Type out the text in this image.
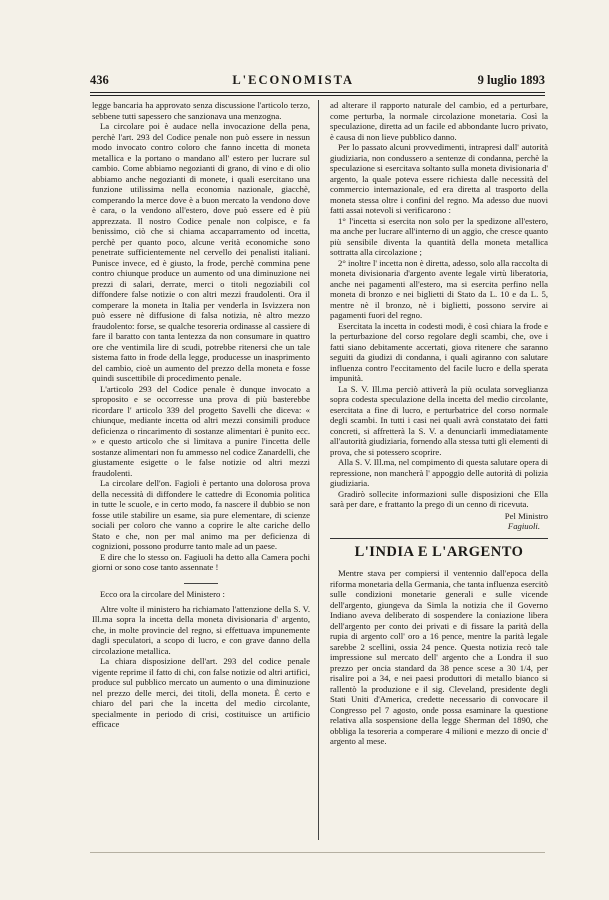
436	L'ECONOMISTA	9 luglio 1893

legge bancaria ha approvato senza discussione l'articolo terzo, sebbene tutti sapessero che sanzionava una menzogna.

La circolare poi è audace nella invocazione della pena, perchè l'art. 293 del Codice penale non può essere in nessun modo invocato contro coloro che fanno incetta di moneta metallica e la portano o mandano all' estero per lucrare sul cambio. Come abbiamo negozianti di grano, di vino e di olio abbiamo anche negozianti di monete, i quali esercitano una funzione utilissima nella economia nazionale, giacchè, comperando la merce dove è a buon mercato la vendono dove è cara, o la vendono all'estero, dove può essere ed è più apprezzata. Il nostro Codice penale non colpisce, e fa benissimo, ciò che si chiama accaparramento od incetta, perchè per quanto poco, alcune verità economiche sono penetrate sufficientemente nel cervello dei penalisti italiani. Punisce invece, ed è giusto, la frode, perchè commina pene contro chiunque produce un aumento od una diminuzione nei prezzi di salari, derrate, merci o titoli negoziabili col diffondere false notizie o con altri mezzi fraudolenti. Ora il comperare la moneta in Italia per venderla in Isvizzera non può essere nè diffusione di falsa notizia, nè altro mezzo fraudolento: forse, se qualche tesoreria ordinasse al cassiere di fare il baratto con tanta lentezza da non consumare in quattro ore che ventimila lire di scudi, potrebbe ritenersi che un tale sistema fatto in frode della legge, producesse un inasprimento del cambio, cioè un aumento del prezzo della moneta e fosse quindi suscettibile di procedimento penale.

L'articolo 293 del Codice penale è dunque invocato a sproposito e se occorresse una prova di più basterebbe ricordare l' articolo 339 del progetto Savelli che diceva: « chiunque, mediante incetta od altri mezzi consimili produce deficienza o rincarimento di sostanze alimentari è punito ecc. » e questo articolo che si limitava a punire l'incetta delle sostanze alimentari non fu ammesso nel codice Zanardelli, che giustamente esigette o le false notizie od altri mezzi fraudolenti.

La circolare dell'on. Fagioli è pertanto una dolorosa prova della necessità di diffondere le cattedre di Economia politica in tutte le scuole, e in certo modo, fa nascere il dubbio se non fosse utile stabilire un esame, sia pure elementare, di scienze sociali per coloro che vanno a coprire le alte cariche dello Stato e che, non per mal animo ma per deficienza di cognizioni, possono produrre tanto male ad un paese.

E dire che lo stesso on. Fagiuoli ha detto alla Camera pochi giorni or sono cose tanto assennate !

Ecco ora la circolare del Ministero :

Altre volte il ministero ha richiamato l'attenzione della S. V. Ill.ma sopra la incetta della moneta divisionaria d' argento, che, in molte provincie del regno, si effettuava impunemente dagli speculatori, a scopo di lucro, e con grave danno della circolazione metallica.

La chiara disposizione dell'art. 293 del codice penale vigente reprime il fatto di chi, con false notizie od altri artifici, produce sul pubblico mercato un aumento o una diminuzione nel prezzo delle merci, dei titoli, della moneta. È certo e chiaro del pari che la incetta del medio circolante, specialmente in periodo di crisi, costituisce un artificio efficace

ad alterare il rapporto naturale del cambio, ed a perturbare, come perturba, la normale circolazione monetaria. Così la speculazione, diretta ad un facile ed abbondante lucro privato, è causa di non lieve pubblico danno.

Per lo passato alcuni provvedimenti, intrapresi dall' autorità giudiziaria, non condussero a sentenze di condanna, perchè la speculazione si esercitava soltanto sulla moneta divisionaria d' argento, la quale poteva essere richiesta dalle necessità del commercio internazionale, ed era diretta al trasporto della moneta stessa oltre i confini del regno. Ma adesso due nuovi fatti assai notevoli si verificarono :

1° l'incetta si esercita non solo per la spedizone all'estero, ma anche per lucrare all'interno di un aggio, che cresce quanto più sensibile diventa la quantità della moneta metallica sottratta alla circolazione ;

2° inoltre l' incetta non è diretta, adesso, solo alla raccolta di moneta divisionaria d'argento avente legale virtù liberatoria, anche nei pagamenti all'estero, ma si esercita perfino nella moneta di bronzo e nei biglietti di Stato da L. 10 e da L. 5, mentre nè il bronzo, nè i biglietti, possono servire ai pagamenti fuori del regno.

Esercitata la incetta in codesti modi, è così chiara la frode e la perturbazione del corso regolare degli scambi, che, ove i fatti siano debitamente accertati, giova ritenere che saranno seguiti da giudizi di condanna, i quali agiranno con salutare influenza contro l'eccitamento del facile lucro e della sperata impunità.

La S. V. Ill.ma perciò attiverà la più oculata sorveglianza sopra codesta speculazione della incetta del medio circolante, esercitata a fine di lucro, e perturbatrice del corso normale degli scambi. In tutti i casi nei quali avrà constatato dei fatti concreti, si affretterà la S. V. a denunciarli immediatamente all'autorità giudiziaria, fornendo alla stessa tutti gli elementi di prova, che si potessero scoprire.

Alla S. V. Ill.ma, nel compimento di questa salutare opera di repressione, non mancherà l' appoggio delle autorità di polizia giudiziaria.

Gradirò sollecite informazioni sulle disposizioni che Ella sarà per dare, e frattanto la prego di un cenno di ricevuta.

Pel Ministro
Fagiuoli.
L'INDIA E L'ARGENTO

Mentre stava per compiersi il ventennio dall'epoca della riforma monetaria della Germania, che tanta influenza esercitò sulle condizioni monetarie generali e sulle vicende dell'argento, giungeva da Simla la notizia che il Governo Indiano aveva deliberato di sospendere la coniazione libera dell'argento per conto dei privati e di fissare la parità della rupia di argento coll' oro a 16 pence, mentre la parità legale sarebbe 2 scellini, ossia 24 pence. Questa notizia recò tale impressione sul mercato dell' argento che a Londra il suo prezzo per oncia standard da 38 pence scese a 30 1/4, per risalire poi a 34, e nei paesi produttori di metallo bianco si rallentò la produzione e il sig. Cleveland, presidente degli Stati Uniti d'America, credette necessario di convocare il Congresso pel 7 agosto, onde possa esaminare la questione relativa alla sospensione della legge Sherman del 1890, che obbliga la tesoreria a comperare 4 milioni e mezzo di oncie d' argento al mese.
